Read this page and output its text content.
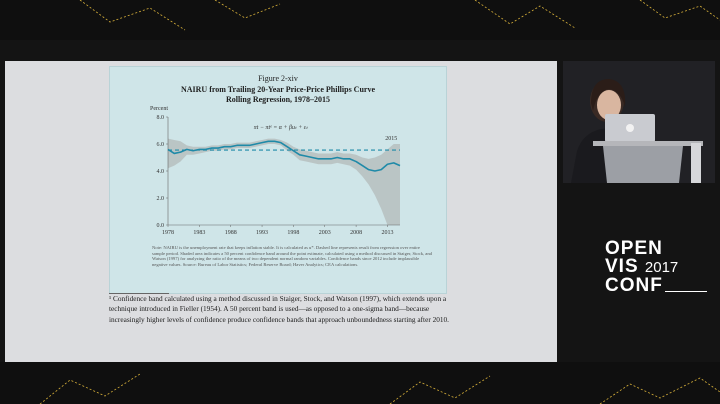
Figure 2-xiv
NAIRU from Trailing 20-Year Price-Price Phillips Curve
Rolling Regression, 1978–2015
Percent
0.0
2.0
4.0
6.0
8.0
1978	1983	1988	1993	1998	2003	2008	2013
πt − πtᵉ = α + βuₜ + εₜ
2015
Note: NAIRU is the unemployment rate that keeps inflation stable. It is calculated as u*. Dashed line represents result from regression over entire sample period. Shaded area indicates a 50 percent confidence band around the point estimate, calculated using a method discussed in Staiger, Stock, and Watson (1997) for analyzing the ratio of the means of two dependent normal random variables. Confidence bands since 2012 include implausible negative values. Source: Bureau of Labor Statistics; Federal Reserve Board; Haver Analytics; CEA calculations.
¹ Confidence band calculated using a method discussed in Staiger, Stock, and Watson (1997), which extends upon a technique introduced in Fieller (1954). A 50 percent band is used—as opposed to a one-sigma band—because increasingly higher levels of confidence produce confidence bands that approach unboundedness starting after 2010.
OPEN
VIS 2017
CONF
